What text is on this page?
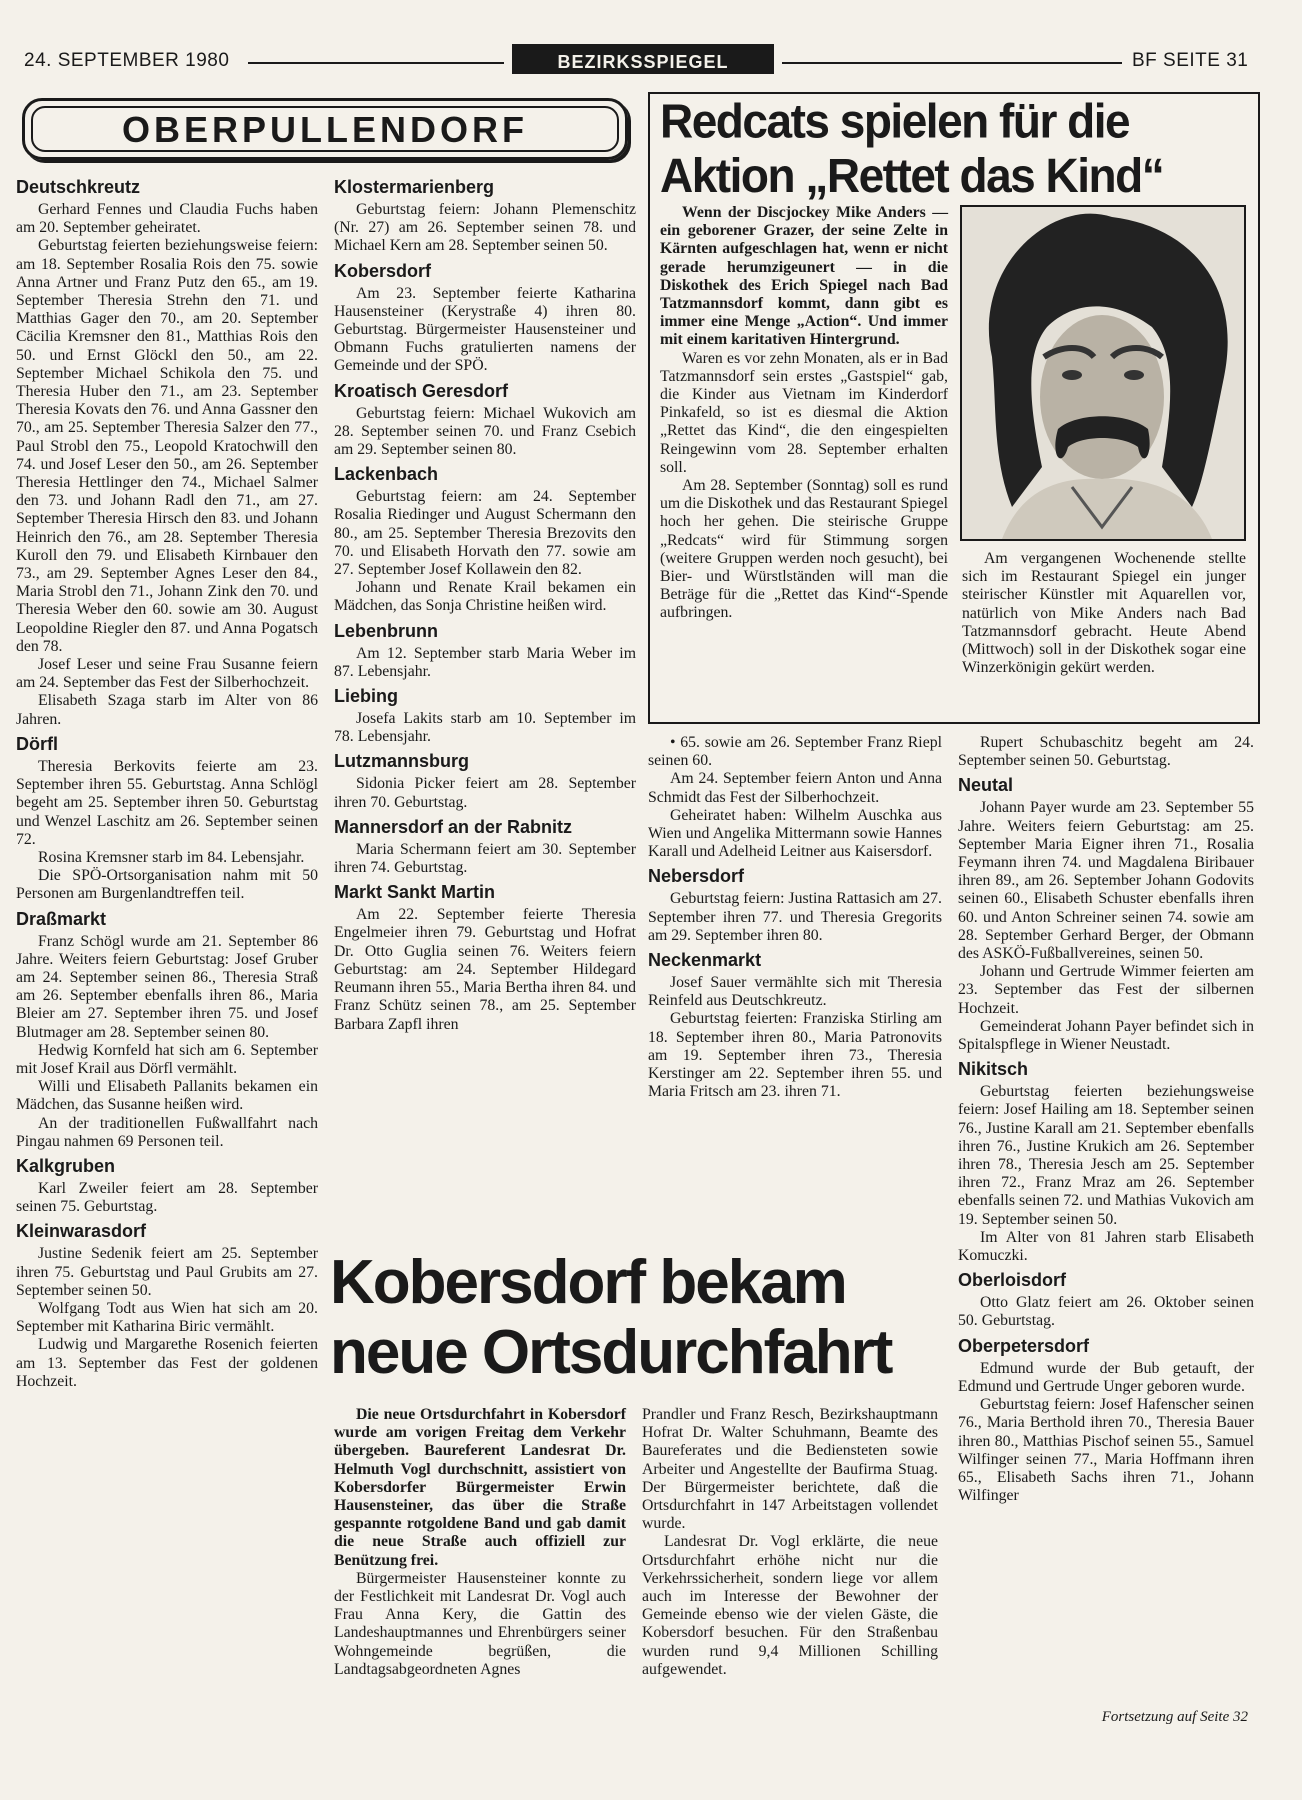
24. SEPTEMBER 1980	BEZIRKSSPIEGEL	BF SEITE 31
OBERPULLENDORF
Deutschkreutz

Gerhard Fennes und Claudia Fuchs haben am 20. September geheiratet.

Geburtstag feierten beziehungsweise feiern: am 18. September Rosalia Rois den 75. sowie Anna Artner und Franz Putz den 65., am 19. September Theresia Strehn den 71. und Matthias Gager den 70., am 20. September Cäcilia Kremsner den 81., Matthias Rois den 50. und Ernst Glöckl den 50., am 22. September Michael Schikola den 75. und Theresia Huber den 71., am 23. September Theresia Kovats den 76. und Anna Gassner den 70., am 25. September Theresia Salzer den 77., Paul Strobl den 75., Leopold Kratochwill den 74. und Josef Leser den 50., am 26. September Theresia Hettlinger den 74., Michael Salmer den 73. und Johann Radl den 71., am 27. September Theresia Hirsch den 83. und Johann Heinrich den 76., am 28. September Theresia Kuroll den 79. und Elisabeth Kirnbauer den 73., am 29. September Agnes Leser den 84., Maria Strobl den 71., Johann Zink den 70. und Theresia Weber den 60. sowie am 30. August Leopoldine Riegler den 87. und Anna Pogatsch den 78.

Josef Leser und seine Frau Susanne feiern am 24. September das Fest der Silberhochzeit.

Elisabeth Szaga starb im Alter von 86 Jahren.

Dörfl

Theresia Berkovits feierte am 23. September ihren 55. Geburtstag. Anna Schlögl begeht am 25. September ihren 50. Geburtstag und Wenzel Laschitz am 26. September seinen 72.

Rosina Kremsner starb im 84. Lebensjahr.

Die SPÖ-Ortsorganisation nahm mit 50 Personen am Burgenlandtreffen teil.

Draßmarkt

Franz Schögl wurde am 21. September 86 Jahre. Weiters feiern Geburtstag: Josef Gruber am 24. September seinen 86., Theresia Straß am 26. September ebenfalls ihren 86., Maria Bleier am 27. September ihren 75. und Josef Blutmager am 28. September seinen 80.

Hedwig Kornfeld hat sich am 6. September mit Josef Krail aus Dörfl vermählt.

Willi und Elisabeth Pallanits bekamen ein Mädchen, das Susanne heißen wird.

An der traditionellen Fußwallfahrt nach Pingau nahmen 69 Personen teil.

Kalkgruben

Karl Zweiler feiert am 28. September seinen 75. Geburtstag.

Kleinwarasdorf

Justine Sedenik feiert am 25. September ihren 75. Geburtstag und Paul Grubits am 27. September seinen 50.

Wolfgang Todt aus Wien hat sich am 20. September mit Katharina Biric vermählt.

Ludwig und Margarethe Rosenich feierten am 13. September das Fest der goldenen Hochzeit.

Klostermarienberg

Geburtstag feiern: Johann Plemenschitz (Nr. 27) am 26. September seinen 78. und Michael Kern am 28. September seinen 50.

Kobersdorf

Am 23. September feierte Katharina Hausensteiner (Kerystraße 4) ihren 80. Geburtstag. Bürgermeister Hausensteiner und Obmann Fuchs gratulierten namens der Gemeinde und der SPÖ.

Kroatisch Geresdorf

Geburtstag feiern: Michael Wukovich am 28. September seinen 70. und Franz Csebich am 29. September seinen 80.

Lackenbach

Geburtstag feiern: am 24. September Rosalia Riedinger und August Schermann den 80., am 25. September Theresia Brezovits den 70. und Elisabeth Horvath den 77. sowie am 27. September Josef Kollawein den 82.

Johann und Renate Krail bekamen ein Mädchen, das Sonja Christine heißen wird.

Lebenbrunn

Am 12. September starb Maria Weber im 87. Lebensjahr.

Liebing

Josefa Lakits starb am 10. September im 78. Lebensjahr.

Lutzmannsburg

Sidonia Picker feiert am 28. September ihren 70. Geburtstag.

Mannersdorf an der Rabnitz

Maria Schermann feiert am 30. September ihren 74. Geburtstag.

Markt Sankt Martin

Am 22. September feierte Theresia Engelmeier ihren 79. Geburtstag und Hofrat Dr. Otto Guglia seinen 76. Weiters feiern Geburtstag: am 24. September Hildegard Reumann ihren 55., Maria Bertha ihren 84. und Franz Schütz seinen 78., am 25. September Barbara Zapfl ihren

Redcats spielen für die
Aktion „Rettet das Kind“

Wenn der Discjockey Mike Anders — ein geborener Grazer, der seine Zelte in Kärnten aufgeschlagen hat, wenn er nicht gerade herumzigeunert — in die Diskothek des Erich Spiegel nach Bad Tatzmannsdorf kommt, dann gibt es immer eine Menge „Action“. Und immer mit einem karitativen Hintergrund.

Waren es vor zehn Monaten, als er in Bad Tatzmannsdorf sein erstes „Gastspiel“ gab, die Kinder aus Vietnam im Kinderdorf Pinkafeld, so ist es diesmal die Aktion „Rettet das Kind“, die den eingespielten Reingewinn vom 28. September erhalten soll.

Am 28. September (Sonntag) soll es rund um die Diskothek und das Restaurant Spiegel hoch her gehen. Die steirische Gruppe „Redcats“ wird für Stimmung sorgen (weitere Gruppen werden noch gesucht), bei Bier- und Würstlständen will man die Beträge für die „Rettet das Kind“-Spende aufbringen.

Am vergangenen Wochenende stellte sich im Restaurant Spiegel ein junger steirischer Künstler mit Aquarellen vor, natürlich von Mike Anders nach Bad Tatzmannsdorf gebracht. Heute Abend (Mittwoch) soll in der Diskothek sogar eine Winzerkönigin gekürt werden.

• 65. sowie am 26. September Franz Riepl seinen 60.

Am 24. September feiern Anton und Anna Schmidt das Fest der Silberhochzeit.

Geheiratet haben: Wilhelm Auschka aus Wien und Angelika Mittermann sowie Hannes Karall und Adelheid Leitner aus Kaisersdorf.

Nebersdorf

Geburtstag feiern: Justina Rattasich am 27. September ihren 77. und Theresia Gregorits am 29. September ihren 80.

Neckenmarkt

Josef Sauer vermählte sich mit Theresia Reinfeld aus Deutschkreutz.

Geburtstag feierten: Franziska Stirling am 18. September ihren 80., Maria Patronovits am 19. September ihren 73., Theresia Kerstinger am 22. September ihren 55. und Maria Fritsch am 23. ihren 71.

Rupert Schubaschitz begeht am 24. September seinen 50. Geburtstag.

Neutal

Johann Payer wurde am 23. September 55 Jahre. Weiters feiern Geburtstag: am 25. September Maria Eigner ihren 71., Rosalia Feymann ihren 74. und Magdalena Biribauer ihren 89., am 26. September Johann Godovits seinen 60., Elisabeth Schuster ebenfalls ihren 60. und Anton Schreiner seinen 74. sowie am 28. September Gerhard Berger, der Obmann des ASKÖ-Fußballvereines, seinen 50.

Johann und Gertrude Wimmer feierten am 23. September das Fest der silbernen Hochzeit.

Gemeinderat Johann Payer befindet sich in Spitalspflege in Wiener Neustadt.

Nikitsch

Geburtstag feierten beziehungsweise feiern: Josef Hailing am 18. September seinen 76., Justine Karall am 21. September ebenfalls ihren 76., Justine Krukich am 26. September ihren 78., Theresia Jesch am 25. September ihren 72., Franz Mraz am 26. September ebenfalls seinen 72. und Mathias Vukovich am 19. September seinen 50.

Im Alter von 81 Jahren starb Elisabeth Komuczki.

Oberloisdorf

Otto Glatz feiert am 26. Oktober seinen 50. Geburtstag.

Oberpetersdorf

Edmund wurde der Bub getauft, der Edmund und Gertrude Unger geboren wurde.

Geburtstag feiern: Josef Hafenscher seinen 76., Maria Berthold ihren 70., Theresia Bauer ihren 80., Matthias Pischof seinen 55., Samuel Wilfinger seinen 77., Maria Hoffmann ihren 65., Elisabeth Sachs ihren 71., Johann Wilfinger

Fortsetzung auf Seite 32
Kobersdorf bekam
neue Ortsdurchfahrt

Die neue Ortsdurchfahrt in Kobersdorf wurde am vorigen Freitag dem Verkehr übergeben. Baureferent Landesrat Dr. Helmuth Vogl durchschnitt, assistiert von Kobersdorfer Bürgermeister Erwin Hausensteiner, das über die Straße gespannte rotgoldene Band und gab damit die neue Straße auch offiziell zur Benützung frei.

Bürgermeister Hausensteiner konnte zu der Festlichkeit mit Landesrat Dr. Vogl auch Frau Anna Kery, die Gattin des Landeshauptmannes und Ehrenbürgers seiner Wohngemeinde begrüßen, die Landtagsabgeordneten Agnes

Prandler und Franz Resch, Bezirkshauptmann Hofrat Dr. Walter Schuhmann, Beamte des Baureferates und die Bediensteten sowie Arbeiter und Angestellte der Baufirma Stuag. Der Bürgermeister berichtete, daß die Ortsdurchfahrt in 147 Arbeitstagen vollendet wurde.

Landesrat Dr. Vogl erklärte, die neue Ortsdurchfahrt erhöhe nicht nur die Verkehrssicherheit, sondern liege vor allem auch im Interesse der Bewohner der Gemeinde ebenso wie der vielen Gäste, die Kobersdorf besuchen. Für den Straßenbau wurden rund 9,4 Millionen Schilling aufgewendet.
